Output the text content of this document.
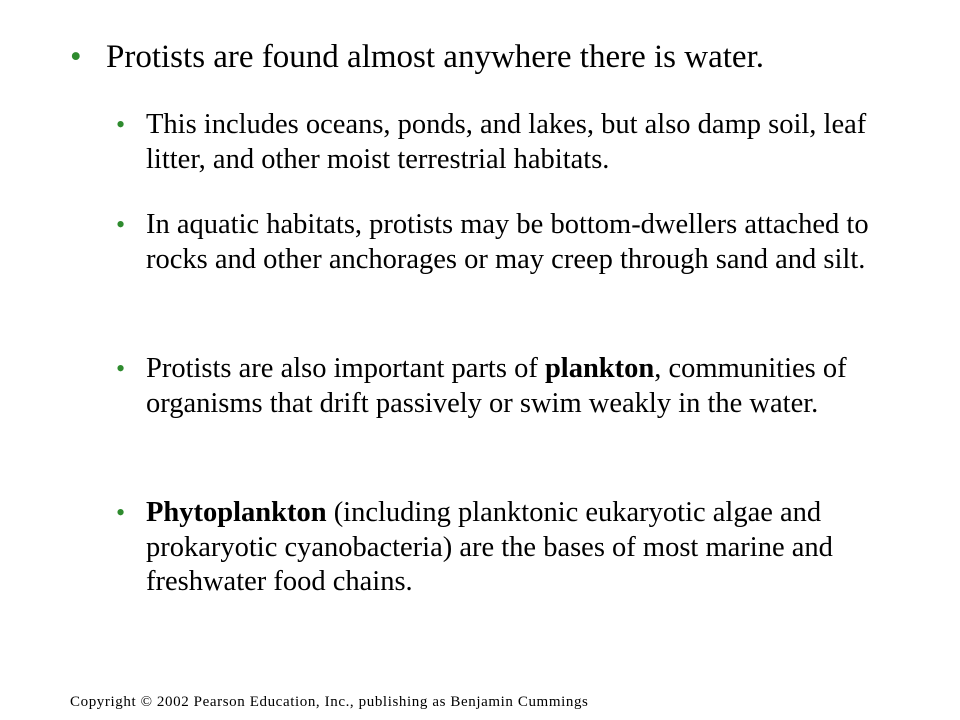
• Protists are found almost anywhere there is water.
• This includes oceans, ponds, and lakes, but also damp soil, leaf litter, and other moist terrestrial habitats.
• In aquatic habitats, protists may be bottom-dwellers attached to rocks and other anchorages or may creep through sand and silt.
• Protists are also important parts of plankton, communities of organisms that drift passively or swim weakly in the water.
• Phytoplankton (including planktonic eukaryotic algae and prokaryotic cyanobacteria) are the bases of most marine and freshwater food chains.
Copyright © 2002 Pearson Education, Inc., publishing as Benjamin Cummings
